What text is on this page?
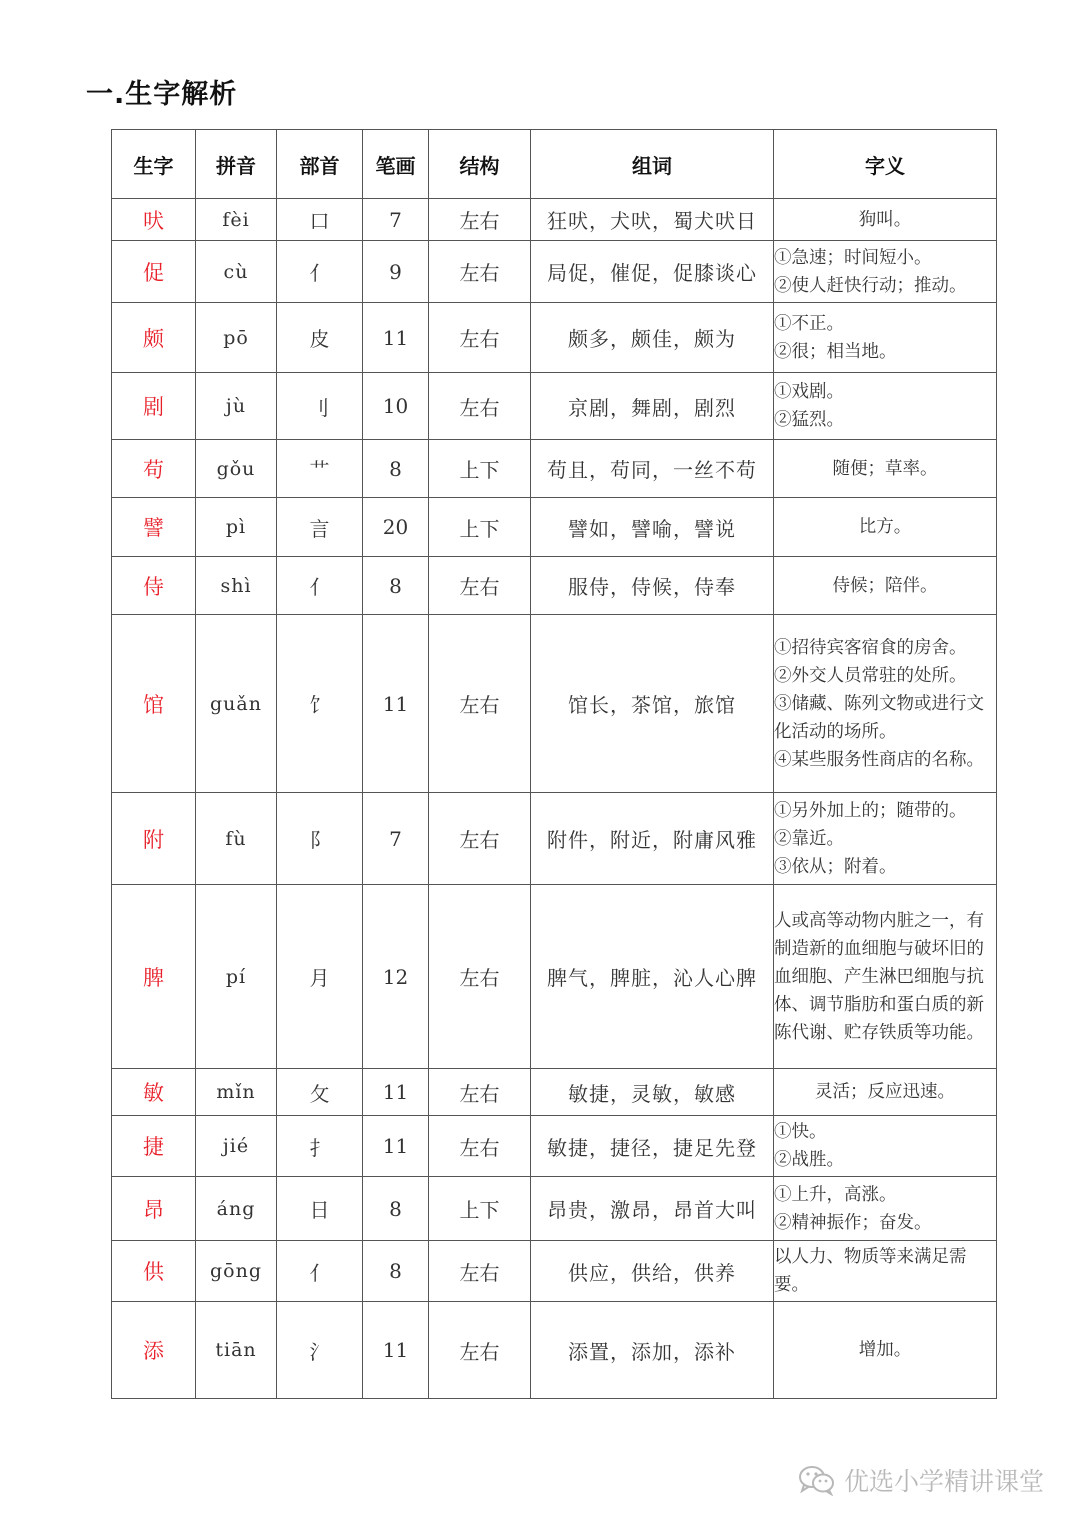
一.生字解析
生字	拼音	部首	笔画	结构	组词	字义
吠	fèi	口	7	左右	狂吠，犬吠，蜀犬吠日	狗叫。

促	cù	亻	9	左右	局促，催促，促膝谈心	①急速；时间短小。
②使人赶快行动；推动。

颇	pō	皮	11	左右	颇多，颇佳，颇为	①不正。
②很；相当地。

剧	jù	刂	10	左右	京剧，舞剧，剧烈	①戏剧。
②猛烈。

苟	gǒu	艹	8	上下	苟且，苟同，一丝不苟	随便；草率。

譬	pì	言	20	上下	譬如，譬喻，譬说	比方。

侍	shì	亻	8	左右	服侍，侍候，侍奉	侍候；陪伴。

馆	guǎn	饣	11	左右	馆长，茶馆，旅馆	①招待宾客宿食的房舍。
②外交人员常驻的处所。
③储藏、陈列文物或进行文化活动的场所。
④某些服务性商店的名称。

附	fù	阝	7	左右	附件，附近，附庸风雅	①另外加上的；随带的。
②靠近。
③依从；附着。

脾	pí	月	12	左右	脾气，脾脏，沁人心脾	人或高等动物内脏之一，有制造新的血细胞与破坏旧的血细胞、产生淋巴细胞与抗体、调节脂肪和蛋白质的新陈代谢、贮存铁质等功能。

敏	mǐn	攵	11	左右	敏捷，灵敏，敏感	灵活；反应迅速。

捷	jié	扌	11	左右	敏捷，捷径，捷足先登	①快。
②战胜。

昂	áng	日	8	上下	昂贵，激昂，昂首大叫	①上升，高涨。
②精神振作；奋发。

供	gōng	亻	8	左右	供应，供给，供养	以人力、物质等来满足需要。

添	tiān	氵	11	左右	添置，添加，添补	增加。
优选小学精讲课堂
